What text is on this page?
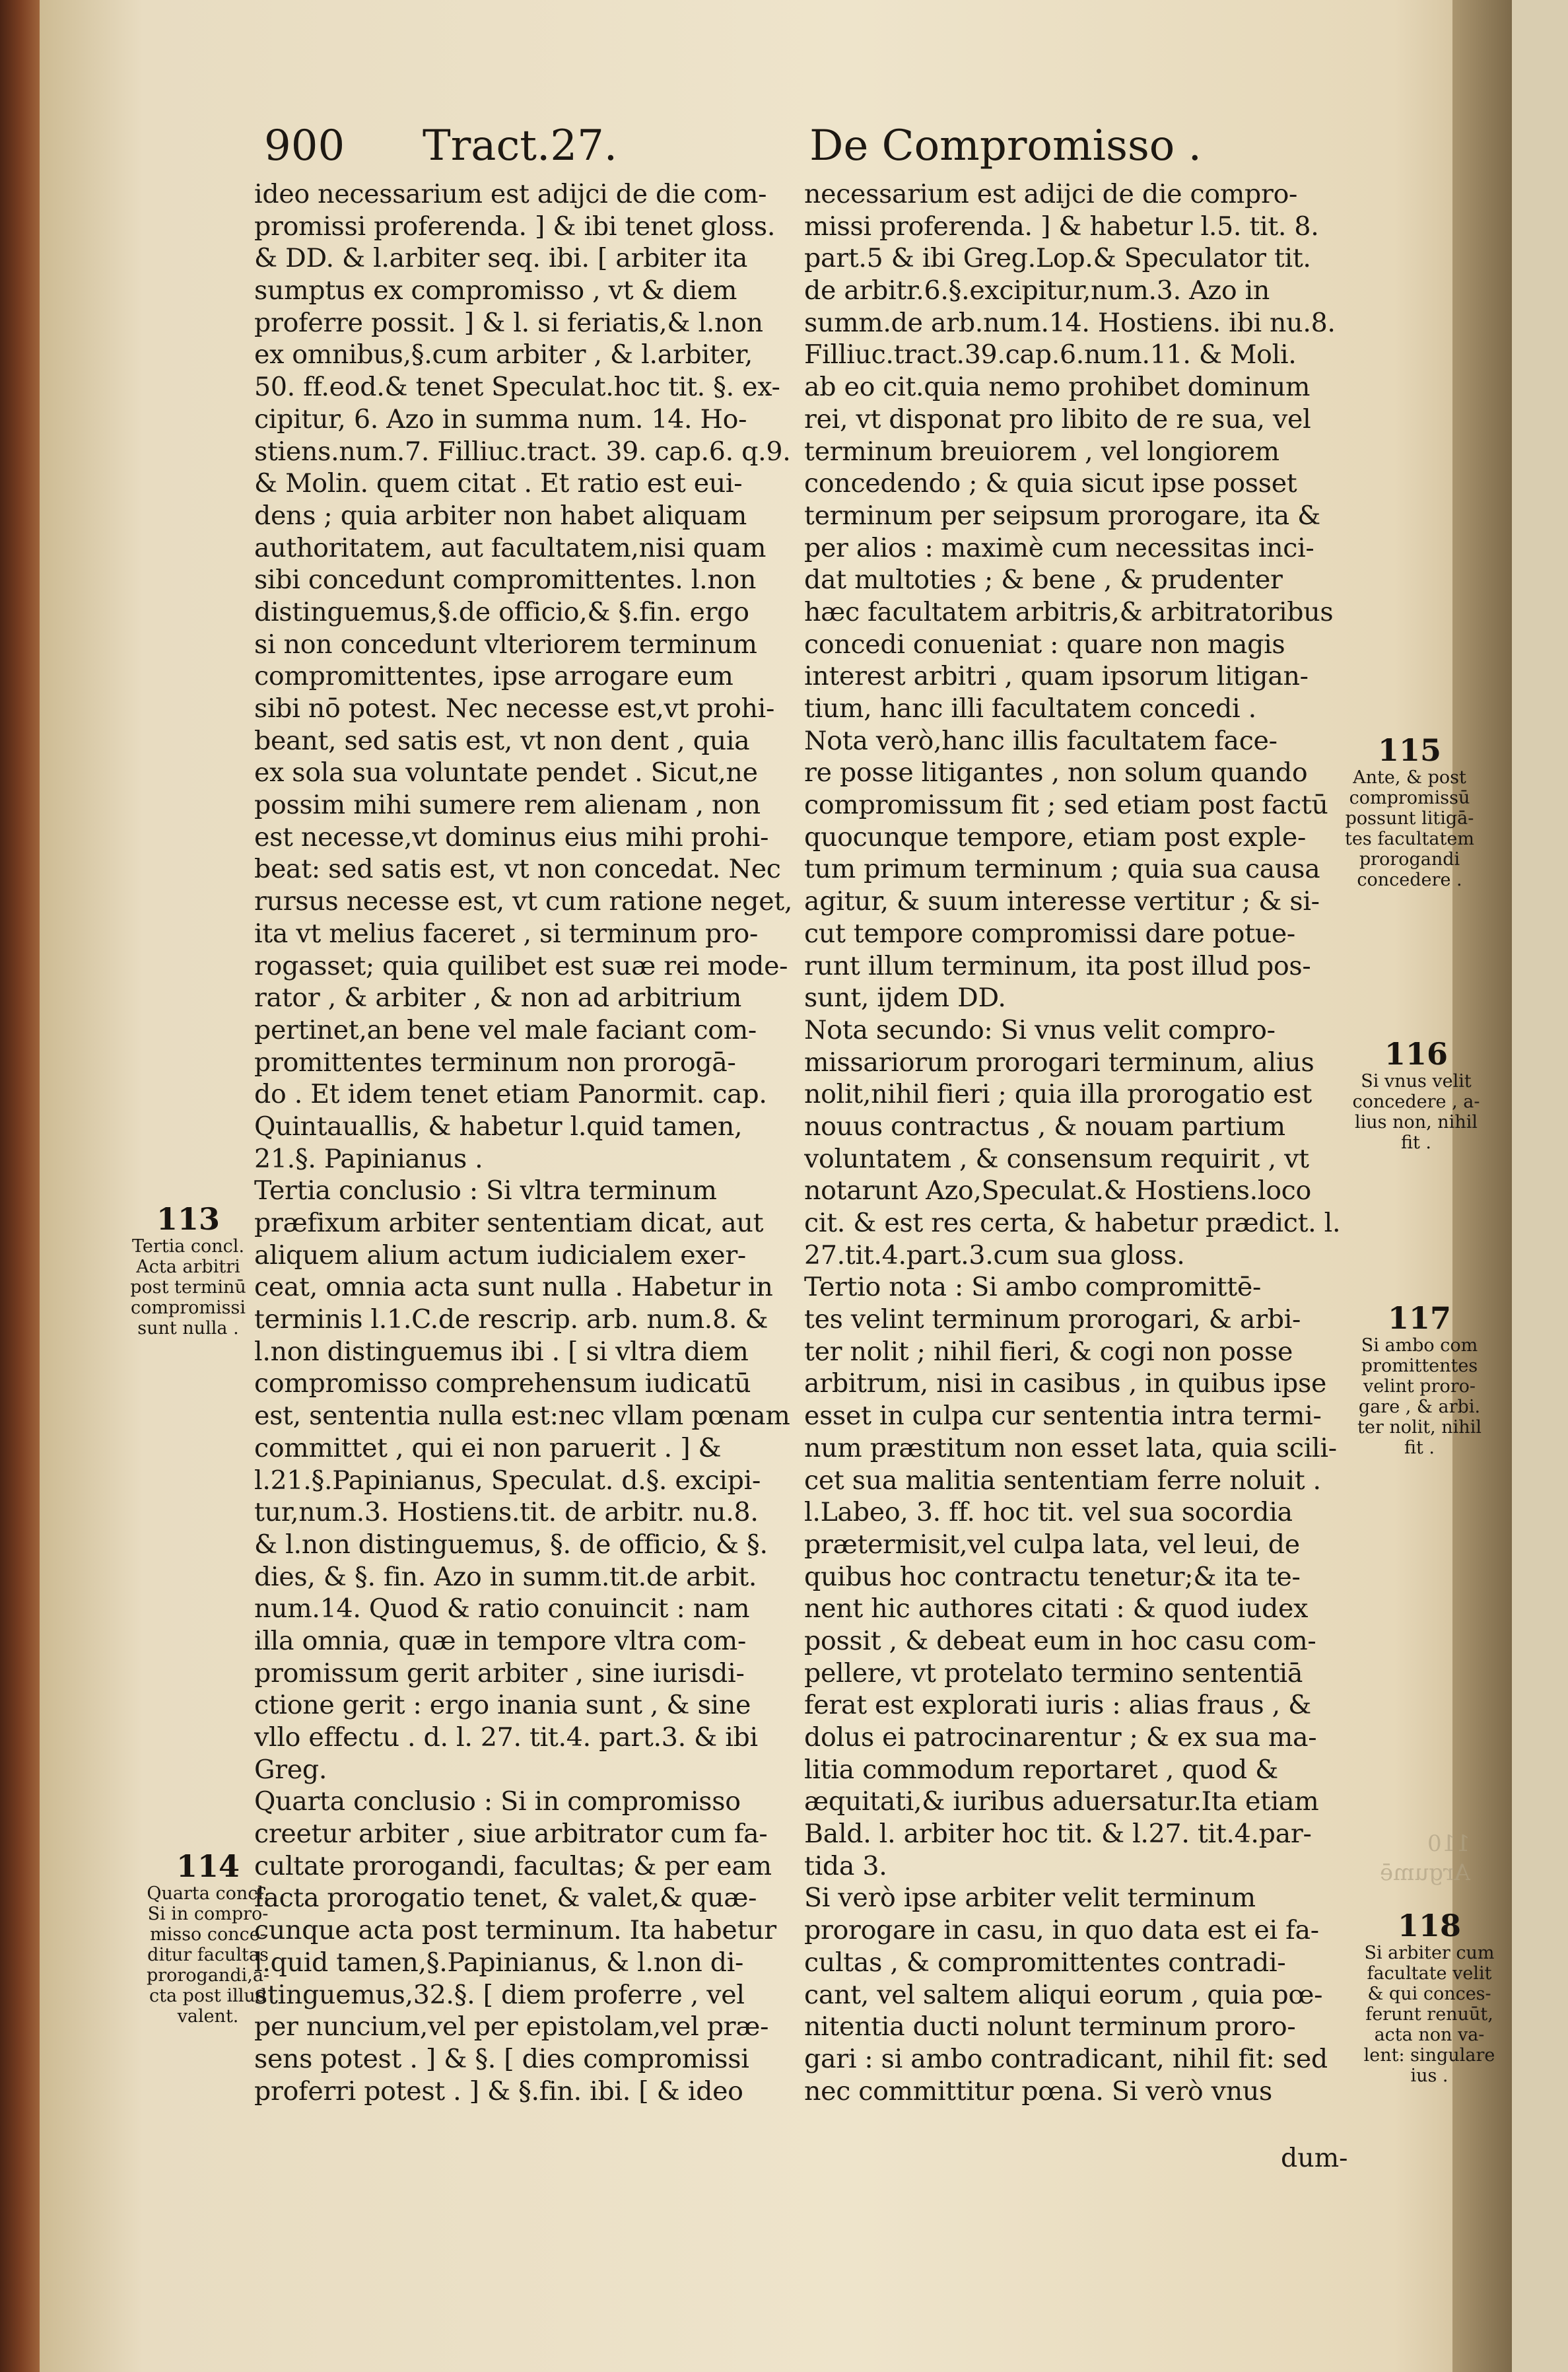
900 Tract.27.	De Compromisso .
ideo necessarium est adijci de die com-
promissi proferenda. ] & ibi tenet gloss.
& DD. & l.arbiter seq. ibi. [ arbiter ita
sumptus ex compromisso , vt & diem
proferre possit. ] & l. si feriatis,& l.non
ex omnibus,§.cum arbiter , & l.arbiter,
50. ff.eod.& tenet Speculat.hoc tit. §. ex-
cipitur, 6. Azo in summa num. 14. Ho-
stiens.num.7. Filliuc.tract. 39. cap.6. q.9.
& Molin. quem citat . Et ratio est eui-
dens ; quia arbiter non habet aliquam
authoritatem, aut facultatem,nisi quam
sibi concedunt compromittentes. l.non
distinguemus,§.de officio,& §.fin. ergo
si non concedunt vlteriorem terminum
compromittentes, ipse arrogare eum
sibi nō potest. Nec necesse est,vt prohi-
beant, sed satis est, vt non dent , quia
ex sola sua voluntate pendet . Sicut,ne
possim mihi sumere rem alienam , non
est necesse,vt dominus eius mihi prohi-
beat: sed satis est, vt non concedat. Nec
rursus necesse est, vt cum ratione neget,
ita vt melius faceret , si terminum pro-
rogasset; quia quilibet est suæ rei mode-
rator , & arbiter , & non ad arbitrium
pertinet,an bene vel male faciant com-
promittentes terminum non prorogā-
do . Et idem tenet etiam Panormit. cap.
Quintauallis, & habetur l.quid tamen,
21.§. Papinianus .
Tertia conclusio : Si vltra terminum
præfixum arbiter sententiam dicat, aut
aliquem alium actum iudicialem exer-
ceat, omnia acta sunt nulla . Habetur in
terminis l.1.C.de rescrip. arb. num.8. &
l.non distinguemus ibi . [ si vltra diem
compromisso comprehensum iudicatū
est, sententia nulla est:nec vllam pœnam
committet , qui ei non paruerit . ] &
l.21.§.Papinianus, Speculat. d.§. excipi-
tur,num.3. Hostiens.tit. de arbitr. nu.8.
& l.non distinguemus, §. de officio, & §.
dies, & §. fin. Azo in summ.tit.de arbit.
num.14. Quod & ratio conuincit : nam
illa omnia, quæ in tempore vltra com-
promissum gerit arbiter , sine iurisdi-
ctione gerit : ergo inania sunt , & sine
vllo effectu . d. l. 27. tit.4. part.3. & ibi
Greg.
Quarta conclusio : Si in compromisso
creetur arbiter , siue arbitrator cum fa-
cultate prorogandi, facultas; & per eam
facta prorogatio tenet, & valet,& quæ-
cunque acta post terminum. Ita habetur
l.quid tamen,§.Papinianus, & l.non di-
stinguemus,32.§. [ diem proferre , vel
per nuncium,vel per epistolam,vel præ-
sens potest . ] & §. [ dies compromissi
proferri potest . ] & §.fin. ibi. [ & ideo
necessarium est adijci de die compro-
missi proferenda. ] & habetur l.5. tit. 8.
part.5 & ibi Greg.Lop.& Speculator tit.
de arbitr.6.§.excipitur,num.3. Azo in
summ.de arb.num.14. Hostiens. ibi nu.8.
Filliuc.tract.39.cap.6.num.11. & Moli.
ab eo cit.quia nemo prohibet dominum
rei, vt disponat pro libito de re sua, vel
terminum breuiorem , vel longiorem
concedendo ; & quia sicut ipse posset
terminum per seipsum prorogare, ita &
per alios : maximè cum necessitas inci-
dat multoties ; & bene , & prudenter
hæc facultatem arbitris,& arbitratoribus
concedi conueniat : quare non magis
interest arbitri , quam ipsorum litigan-
tium, hanc illi facultatem concedi .
Nota verò,hanc illis facultatem face-
re posse litigantes , non solum quando
compromissum fit ; sed etiam post factū
quocunque tempore, etiam post exple-
tum primum terminum ; quia sua causa
agitur, & suum interesse vertitur ; & si-
cut tempore compromissi dare potue-
runt illum terminum, ita post illud pos-
sunt, ijdem DD.
Nota secundo: Si vnus velit compro-
missariorum prorogari terminum, alius
nolit,nihil fieri ; quia illa prorogatio est
nouus contractus , & nouam partium
voluntatem , & consensum requirit , vt
notarunt Azo,Speculat.& Hostiens.loco
cit. & est res certa, & habetur prædict. l.
27.tit.4.part.3.cum sua gloss.
Tertio nota : Si ambo compromittē-
tes velint terminum prorogari, & arbi-
ter nolit ; nihil fieri, & cogi non posse
arbitrum, nisi in casibus , in quibus ipse
esset in culpa cur sententia intra termi-
num præstitum non esset lata, quia scili-
cet sua malitia sententiam ferre noluit .
l.Labeo, 3. ff. hoc tit. vel sua socordia
prætermisit,vel culpa lata, vel leui, de
quibus hoc contractu tenetur;& ita te-
nent hic authores citati : & quod iudex
possit , & debeat eum in hoc casu com-
pellere, vt protelato termino sententiā
ferat est explorati iuris : alias fraus , &
dolus ei patrocinarentur ; & ex sua ma-
litia commodum reportaret , quod &
æquitati,& iuribus aduersatur.Ita etiam
Bald. l. arbiter hoc tit. & l.27. tit.4.par-
tida 3.
Si verò ipse arbiter velit terminum
prorogare in casu, in quo data est ei fa-
cultas , & compromittentes contradi-
cant, vel saltem aliqui eorum , quia pœ-
nitentia ducti nolunt terminum proro-
gari : si ambo contradicant, nihil fit: sed
nec committitur pœna. Si verò vnus
113
Tertia concl.
Acta arbitri
post terminū
compromissi
sunt nulla .
114
Quarta concl.
Si in compro-
misso conce-
ditur facultas
prorogandi,a-
cta post illud
valent.
115
Ante, & post
compromissū
possunt litigā-
tes facultatem
prorogandi
concedere .
116
Si vnus velit
concedere , a-
lius non, nihil
fit .
117
Si ambo com
promittentes
velint proro-
gare , & arbi.
ter nolit, nihil
fit .
118
Si arbiter cum
facultate velit
& qui conces-
ferunt renuūt,
acta non va-
lent: singulare
ius .
110
Argumē
dum-
